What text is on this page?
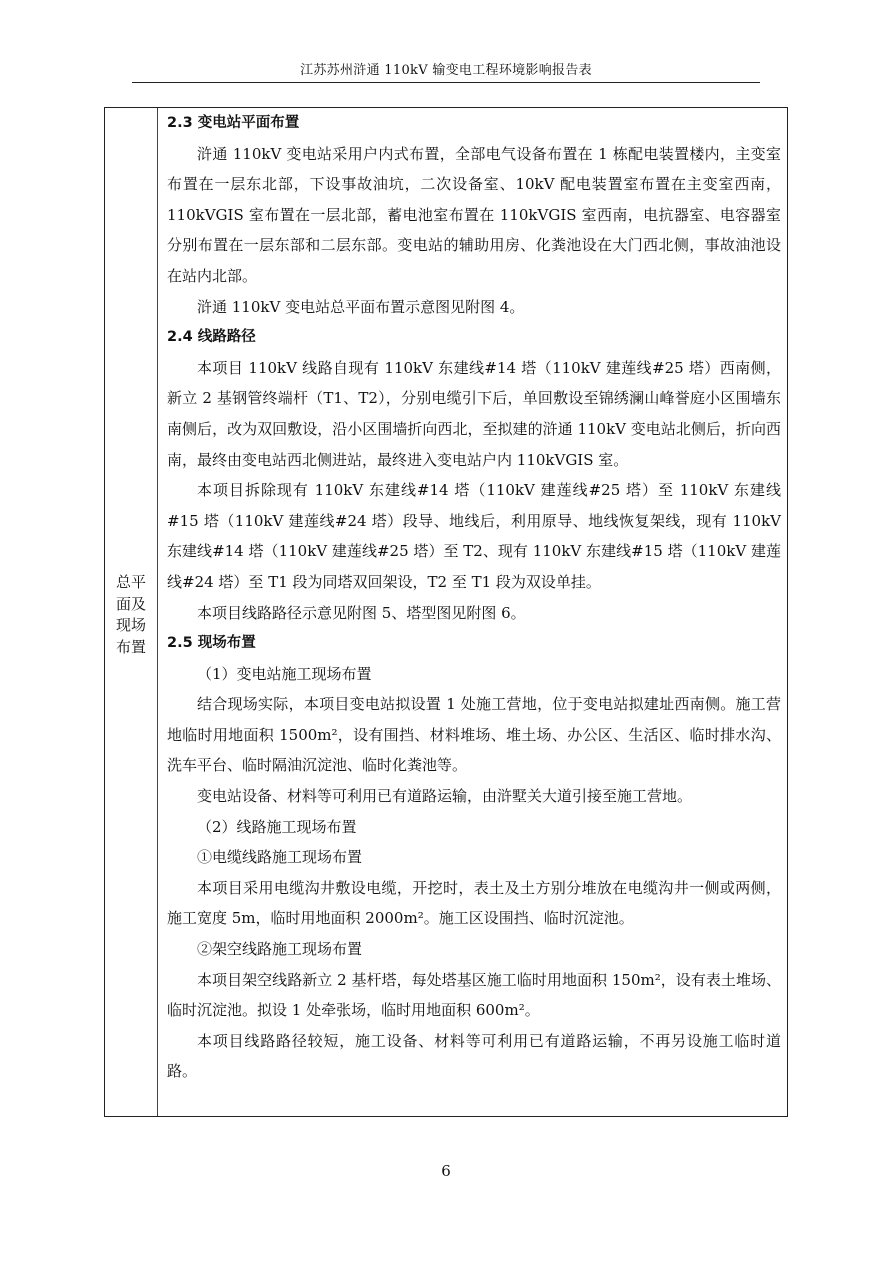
江苏苏州浒通 110kV 输变电工程环境影响报告表
总平
面及
现场
布置

2.3 变电站平面布置

浒通 110kV 变电站采用户内式布置，全部电气设备布置在 1 栋配电装置楼内，主变室布置在一层东北部，下设事故油坑，二次设备室、10kV 配电装置室布置在主变室西南，110kVGIS 室布置在一层北部，蓄电池室布置在 110kVGIS 室西南，电抗器室、电容器室分别布置在一层东部和二层东部。变电站的辅助用房、化粪池设在大门西北侧，事故油池设在站内北部。

浒通 110kV 变电站总平面布置示意图见附图 4。

2.4 线路路径

本项目 110kV 线路自现有 110kV 东建线#14 塔（110kV 建莲线#25 塔）西南侧，新立 2 基钢管终端杆（T1、T2），分别电缆引下后，单回敷设至锦绣澜山峰誉庭小区围墙东南侧后，改为双回敷设，沿小区围墙折向西北，至拟建的浒通 110kV 变电站北侧后，折向西南，最终由变电站西北侧进站，最终进入变电站户内 110kVGIS 室。

本项目拆除现有 110kV 东建线#14 塔（110kV 建莲线#25 塔）至 110kV 东建线#15 塔（110kV 建莲线#24 塔）段导、地线后，利用原导、地线恢复架线，现有 110kV 东建线#14 塔（110kV 建莲线#25 塔）至 T2、现有 110kV 东建线#15 塔（110kV 建莲线#24 塔）至 T1 段为同塔双回架设，T2 至 T1 段为双设单挂。

本项目线路路径示意见附图 5、塔型图见附图 6。

2.5 现场布置

（1）变电站施工现场布置

结合现场实际，本项目变电站拟设置 1 处施工营地，位于变电站拟建址西南侧。施工营地临时用地面积 1500m²，设有围挡、材料堆场、堆土场、办公区、生活区、临时排水沟、洗车平台、临时隔油沉淀池、临时化粪池等。

变电站设备、材料等可利用已有道路运输，由浒墅关大道引接至施工营地。

（2）线路施工现场布置

①电缆线路施工现场布置

本项目采用电缆沟井敷设电缆，开挖时，表土及土方别分堆放在电缆沟井一侧或两侧，施工宽度 5m，临时用地面积 2000m²。施工区设围挡、临时沉淀池。

②架空线路施工现场布置

本项目架空线路新立 2 基杆塔，每处塔基区施工临时用地面积 150m²，设有表土堆场、临时沉淀池。拟设 1 处牵张场，临时用地面积 600m²。

本项目线路路径较短，施工设备、材料等可利用已有道路运输，不再另设施工临时道路。

6
